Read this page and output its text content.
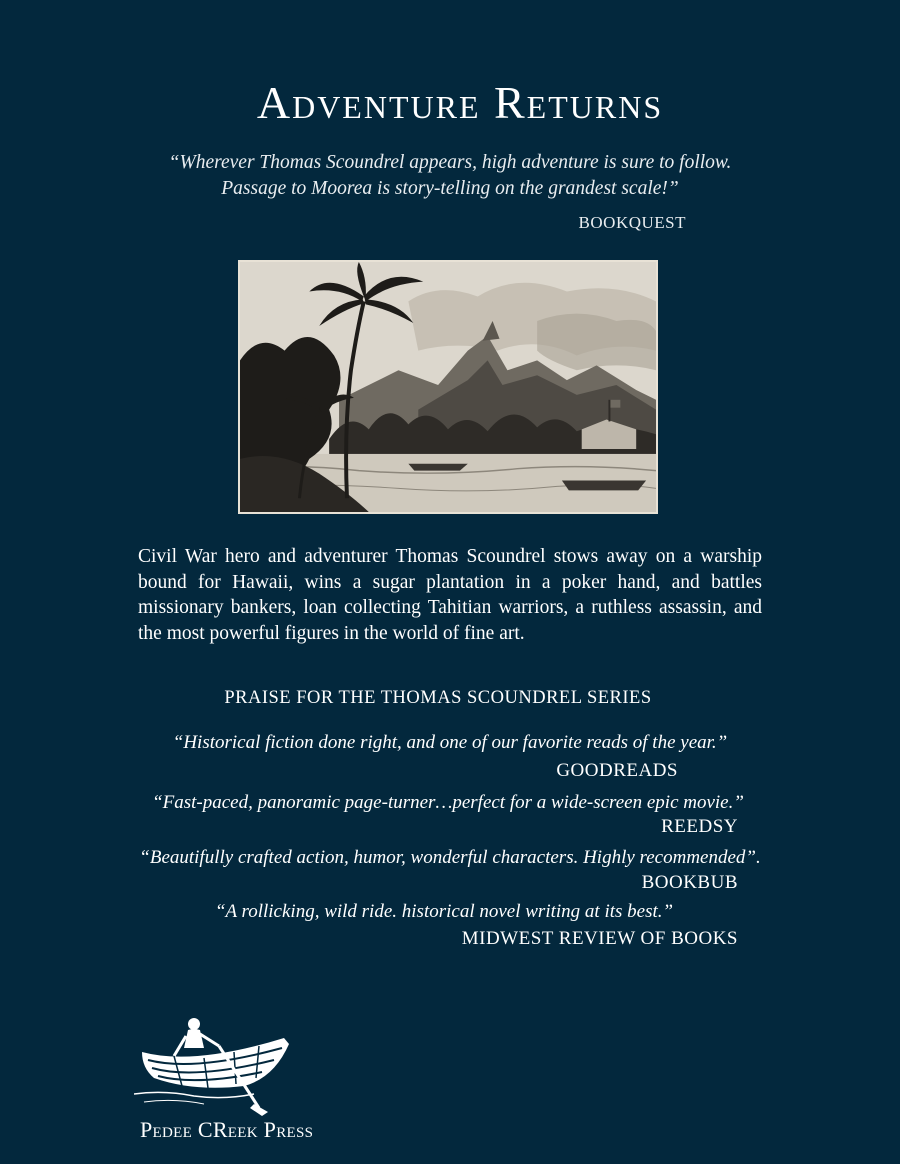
Adventure Returns
“Wherever Thomas Scoundrel appears, high adventure is sure to follow.
Passage to Moorea is story-telling on the grandest scale!”
BOOKQUEST
Civil War hero and adventurer Thomas Scoundrel stows away on a warship bound for Hawaii, wins a sugar plantation in a poker hand, and battles missionary bankers, loan collecting Tahitian warriors, a ruthless assassin, and the most powerful figures in the world of fine art.
PRAISE FOR THE THOMAS SCOUNDREL SERIES
“Historical fiction done right, and one of our favorite reads of the year.”
GOODREADS
“Fast-paced, panoramic page-turner…perfect for a wide-screen epic movie.”
REEDSY
“Beautifully crafted action, humor, wonderful characters. Highly recommended”.
BOOKBUB
“A rollicking, wild ride. historical novel writing at its best.”
MIDWEST REVIEW OF BOOKS
Pedee CReek Press
